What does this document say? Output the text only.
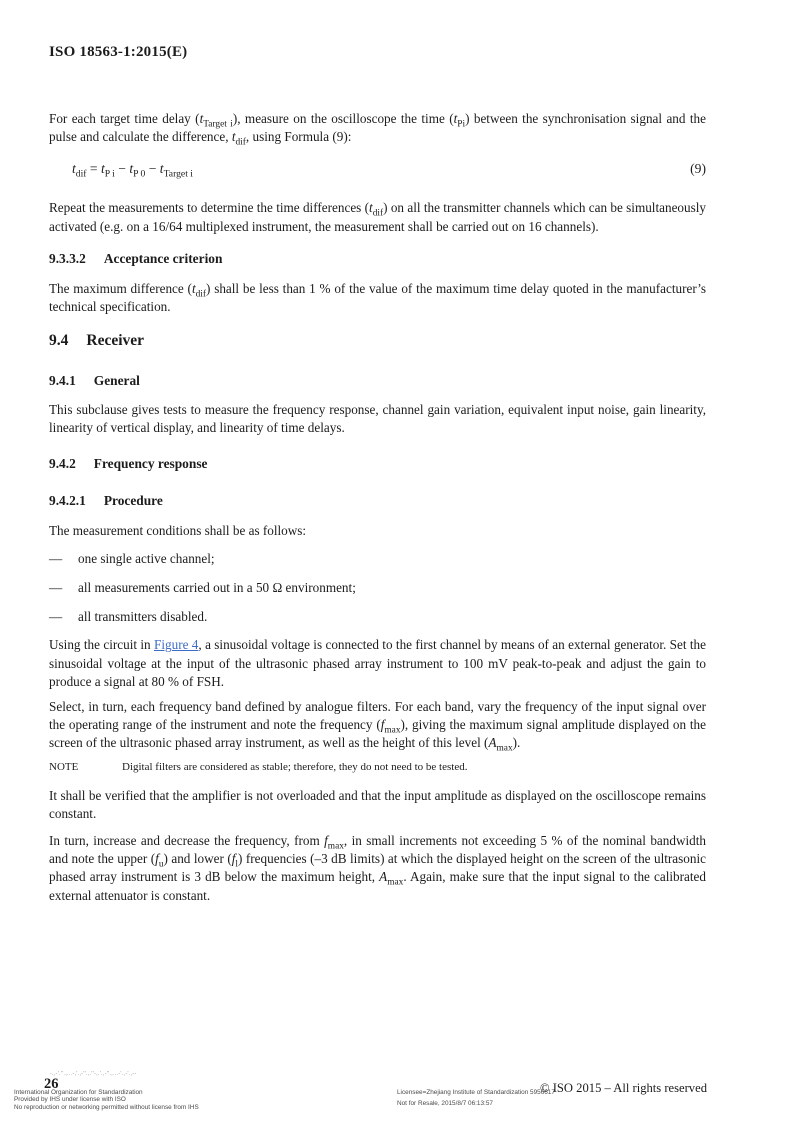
ISO 18563-1:2015(E)

For each target time delay $(t_{Target i})$, measure on the oscilloscope the time $(t_{Pi})$ between the synchronisation signal and the pulse and calculate the difference, $t_{dif}$, using Formula (9):

$t_{dif} = t_{P i} - t_{P 0} - t_{Target i}$	(9)

Repeat the measurements to determine the time differences $(t_{dif})$ on all the transmitter channels which can be simultaneously activated (e.g. on a 16/64 multiplexed instrument, the measurement shall be carried out on 16 channels).

9.3.3.2 Acceptance criterion

The maximum difference $(t_{dif})$ shall be less than 1 % of the value of the maximum time delay quoted in the manufacturer’s technical specification.

9.4 Receiver
9.4.1 General

This subclause gives tests to measure the frequency response, channel gain variation, equivalent input noise, gain linearity, linearity of vertical display, and linearity of time delays.

9.4.2 Frequency response
9.4.2.1 Procedure

The measurement conditions shall be as follows:

—	one single active channel;
—	all measurements carried out in a 50 Ω environment;
—	all transmitters disabled.

Using the circuit in Figure 4, a sinusoidal voltage is connected to the first channel by means of an external generator. Set the sinusoidal voltage at the input of the ultrasonic phased array instrument to 100 mV peak-to-peak and adjust the gain to produce a signal at 80 % of FSH.

Select, in turn, each frequency band defined by analogue filters. For each band, vary the frequency of the input signal over the operating range of the instrument and note the frequency $(f_{max})$, giving the maximum signal amplitude displayed on the screen of the ultrasonic phased array instrument, as well as the height of this level $(A_{max})$.

NOTE	Digital filters are considered as stable; therefore, they do not need to be tested.

It shall be verified that the amplifier is not overloaded and that the input amplitude as displayed on the oscilloscope remains constant.

In turn, increase and decrease the frequency, from $f_{max}$, in small increments not exceeding 5 % of the nominal bandwidth and note the upper $(f_u)$ and lower $(f_l)$ frequencies (–3 dB limits) at which the displayed height on the screen of the ultrasonic phased array instrument is 3 dB below the maximum height, $A_{max}$. Again, make sure that the input signal to the calibrated external attenuator is constant.

-.,-'.''.,...-,'.,-''.,.''-,.'.,-''.,...-'.,-'.,--
26
International Organization for Standardization
Provided by IHS under license with ISO
No reproduction or networking permitted without license from IHS
Licensee=Zhejiang Institute of Standardization 5956617
Not for Resale, 2015/8/7 06:13:57
© ISO 2015 – All rights reserved
